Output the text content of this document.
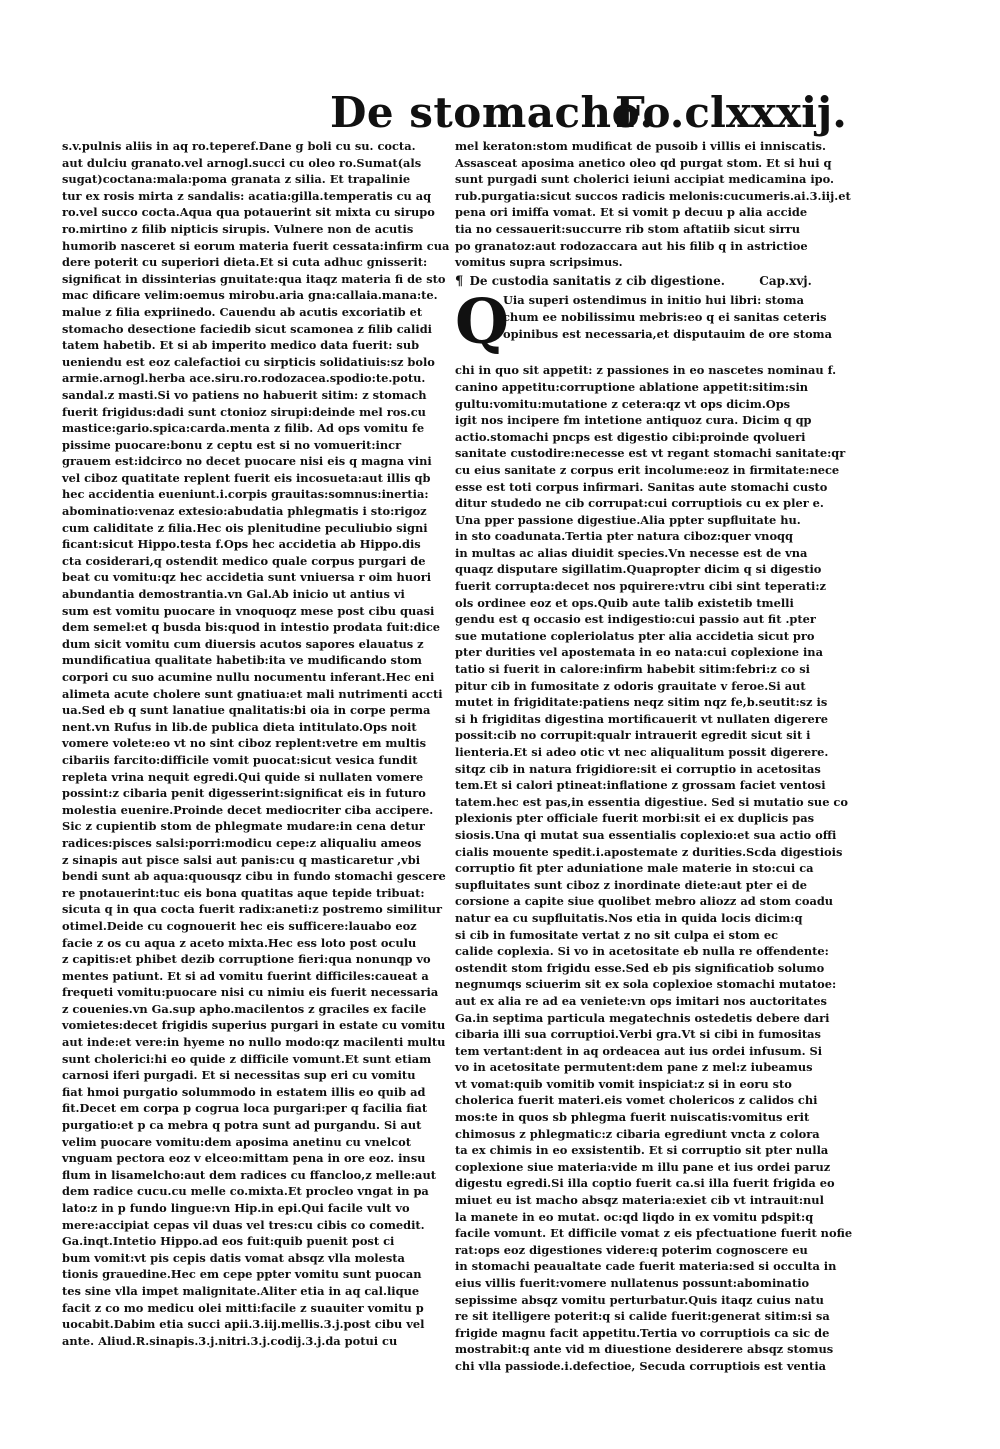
De stomacho.
Fo.clxxxij.
s.v.pulnis aliis in aq ro.teperef.Dane g boli cu su. cocta.
aut dulciu granato.vel arnogl.succi cu oleo ro.Sumat(als
sugat)coctana:mala:poma granata z silia. Et trapalinie
tur ex rosis mirta z sandalis: acatia:gilla.temperatis cu aq
ro.vel succo cocta.Aqua qua potauerint sit mixta cu sirupo
ro.mirtino z filib nipticis sirupis. Vulnere non de acutis
humorib nasceret si eorum materia fuerit cessata:infirm cua
dere poterit cu superiori dieta.Et si cuta adhuc gnisserit:
significat in dissinterias gnuitate:qua itaqz materia fi de sto
mac dificare velim:oemus mirobu.aria gna:callaia.mana:te.
malue z filia expriinedo. Cauendu ab acutis excoriatib et
stomacho desectione faciedib sicut scamonea z filib calidi
tatem habetib. Et si ab imperito medico data fuerit: sub
ueniendu est eoz calefactioi cu sirpticis solidatiuis:sz bolo
armie.arnogl.herba ace.siru.ro.rodozacea.spodio:te.potu.
sandal.z masti.Si vo patiens no habuerit sitim: z stomach
fuerit frigidus:dadi sunt ctonioz sirupi:deinde mel ros.cu
mastice:gario.spica:carda.menta z filib. Ad ops vomitu fe
pissime puocare:bonu z ceptu est si no vomuerit:incr
grauem est:idcirco no decet puocare nisi eis q magna vini
vel ciboz quatitate replent fuerit eis incosueta:aut illis qb
hec accidentia eueniunt.i.corpis grauitas:somnus:inertia:
abominatio:venaz extesio:abudatia phlegmatis i sto:rigoz
cum caliditate z filia.Hec ois plenitudine peculiubio signi
ficant:sicut Hippo.testa f.Ops hec accidetia ab Hippo.dis
cta cosiderari,q ostendit medico quale corpus purgari de
beat cu vomitu:qz hec accidetia sunt vniuersa r oim huori
abundantia demostrantia.vn Gal.Ab inicio ut antius vi
sum est vomitu puocare in vnoquoqz mese post cibu quasi
dem semel:et q busda bis:quod in intestio prodata fuit:dice
dum sicit vomitu cum diuersis acutos sapores elauatus z
mundificatiua qualitate habetib:ita ve mudificando stom
corpori cu suo acumine nullu nocumentu inferant.Hec eni
alimeta acute cholere sunt gnatiua:et mali nutrimenti accti
ua.Sed eb q sunt lanatiue qnalitatis:bi oia in corpe perma
nent.vn Rufus in lib.de publica dieta intitulato.Ops noit
vomere volete:eo vt no sint ciboz replent:vetre em multis
cibariis farcito:difficile vomit puocat:sicut vesica fundit
repleta vrina nequit egredi.Qui quide si nullaten vomere
possint:z cibaria penit digesserint:significat eis in futuro
molestia euenire.Proinde decet mediocriter ciba accipere.
Sic z cupientib stom de phlegmate mudare:in cena detur
radices:pisces salsi:porri:modicu cepe:z aliqualiu ameos
z sinapis aut pisce salsi aut panis:cu q masticaretur ,vbi
bendi sunt ab aqua:quousqz cibu in fundo stomachi gescere
re pnotauerint:tuc eis bona quatitas aque tepide tribuat:
sicuta q in qua cocta fuerit radix:aneti:z postremo similitur
otimel.Deide cu cognouerit hec eis sufficere:lauabo eoz
facie z os cu aqua z aceto mixta.Hec ess loto post oculu
z capitis:et phibet dezib corruptione fieri:qua nonunqp vo
mentes patiunt. Et si ad vomitu fuerint difficiles:caueat a
frequeti vomitu:puocare nisi cu nimiu eis fuerit necessaria
z couenies.vn Ga.sup apho.macilentos z graciles ex facile
vomietes:decet frigidis superius purgari in estate cu vomitu
aut inde:et vere:in hyeme no nullo modo:qz macilenti multu
sunt cholerici:hi eo quide z difficile vomunt.Et sunt etiam
carnosi iferi purgadi. Et si necessitas sup eri cu vomitu
fiat hmoi purgatio solummodo in estatem illis eo quib ad
fit.Decet em corpa p cogrua loca purgari:per q facilia fiat
purgatio:et p ca mebra q potra sunt ad purgandu. Si aut
velim puocare vomitu:dem aposima anetinu cu vnelcot
vnguam pectora eoz v elceo:mittam pena in ore eoz. insu
flum in lisamelcho:aut dem radices cu ffancloo,z melle:aut
dem radice cucu.cu melle co.mixta.Et procleo vngat in pa
lato:z in p fundo lingue:vn Hip.in epi.Qui facile vult vo
mere:accipiat cepas vil duas vel tres:cu cibis co comedit.
Ga.inqt.Intetio Hippo.ad eos fuit:quib puenit post ci
bum vomit:vt pis cepis datis vomat absqz vlla molesta
tionis grauedine.Hec em cepe ppter vomitu sunt puocan
tes sine vlla impet malignitate.Aliter etia in aq cal.lique
facit z co mo medicu olei mitti:facile z suauiter vomitu p
uocabit.Dabim etia succi apii.3.iij.mellis.3.j.post cibu vel
ante. Aliud.R.sinapis.3.j.nitri.3.j.codij.3.j.da potui cu
mel keraton:stom mudificat de pusoib i villis ei inniscatis.
Assasceat aposima anetico oleo qd purgat stom. Et si hui q
sunt purgadi sunt cholerici ieiuni accipiat medicamina ipo.
rub.purgatia:sicut succos radicis melonis:cucumeris.ai.3.iij.et
pena ori imiffa vomat. Et si vomit p decuu p alia accide
tia no cessauerit:succurre rib stom aftatiib sicut sirru
po granatoz:aut rodozaccara aut his filib q in astrictioe
vomitus supra scripsimus.
¶ De custodia sanitatis z cib digestione.	Cap.xvj.
Q
Uia superi ostendimus in initio hui libri: stoma
chum ee nobilissimu mebris:eo q ei sanitas ceteris
opinibus est necessaria,et disputauim de ore stoma
chi in quo sit appetit: z passiones in eo nascetes nominau f.
canino appetitu:corruptione ablatione appetit:sitim:sin
gultu:vomitu:mutatione z cetera:qz vt ops dicim.Ops
igit nos incipere fm intetione antiquoz cura. Dicim q qp
actio.stomachi pncps est digestio cibi:proinde qvolueri
sanitate custodire:necesse est vt regant stomachi sanitate:qr
cu eius sanitate z corpus erit incolume:eoz in firmitate:nece
esse est toti corpus infirmari. Sanitas aute stomachi custo
ditur studedo ne cib corrupat:cui corruptiois cu ex pler e.
Una pper passione digestiue.Alia ppter supfluitate hu.
in sto coadunata.Tertia pter natura ciboz:quer vnoqq
in multas ac alias diuidit species.Vn necesse est de vna
quaqz disputare sigillatim.Quapropter dicim q si digestio
fuerit corrupta:decet nos pquirere:vtru cibi sint teperati:z
ols ordinee eoz et ops.Quib aute talib existetib tmelli
gendu est q occasio est indigestio:cui passio aut fit .pter
sue mutatione copleriolatus pter alia accidetia sicut pro
pter durities vel apostemata in eo nata:cui coplexione ina
tatio si fuerit in calore:infirm habebit sitim:febri:z co si
pitur cib in fumositate z odoris grauitate v feroe.Si aut
mutet in frigiditate:patiens neqz sitim nqz fe,b.seutit:sz is
si h frigiditas digestina mortificauerit vt nullaten digerere
possit:cib no corrupit:qualr intrauerit egredit sicut sit i
lienteria.Et si adeo otic vt nec aliqualitum possit digerere.
sitqz cib in natura frigidiore:sit ei corruptio in acetositas
tem.Et si calori ptineat:inflatione z grossam faciet ventosi
tatem.hec est pas,in essentia digestiue. Sed si mutatio sue co
plexionis pter officiale fuerit morbi:sit ei ex duplicis pas
siosis.Una qi mutat sua essentialis coplexio:et sua actio offi
cialis mouente spedit.i.apostemate z durities.Scda digestiois
corruptio fit pter aduniatione male materie in sto:cui ca
supfluitates sunt ciboz z inordinate diete:aut pter ei de
corsione a capite siue quolibet mebro aliozz ad stom coadu
natur ea cu supfluitatis.Nos etia in quida locis dicim:q
si cib in fumositate vertat z no sit culpa ei stom ec
calide coplexia. Si vo in acetositate eb nulla re offendente:
ostendit stom frigidu esse.Sed eb pis significatiob solumo
negnumqs sciuerim sit ex sola coplexioe stomachi mutatoe:
aut ex alia re ad ea veniete:vn ops imitari nos auctoritates
Ga.in septima particula megatechnis ostedetis debere dari
cibaria illi sua corruptioi.Verbi gra.Vt si cibi in fumositas
tem vertant:dent in aq ordeacea aut ius ordei infusum. Si
vo in acetositate permutent:dem pane z mel:z iubeamus
vt vomat:quib vomitib vomit inspiciat:z si in eoru sto
cholerica fuerit materi.eis vomet cholericos z calidos chi
mos:te in quos sb phlegma fuerit nuiscatis:vomitus erit
chimosus z phlegmatic:z cibaria egrediunt vncta z colora
ta ex chimis in eo exsistentib. Et si corruptio sit pter nulla
coplexione siue materia:vide m illu pane et ius ordei paruz
digestu egredi.Si illa coptio fuerit ca.si illa fuerit frigida eo
miuet eu ist macho absqz materia:exiet cib vt intrauit:nul
la manete in eo mutat. oc:qd liqdo in ex vomitu pdspit:q
facile vomunt. Et difficile vomat z eis pfectuatione fuerit nofie
rat:ops eoz digestiones videre:q poterim cognoscere eu
in stomachi peaualtate cade fuerit materia:sed si occulta in
eius villis fuerit:vomere nullatenus possunt:abominatio
sepissime absqz vomitu perturbatur.Quis itaqz cuius natu
re sit itelligere poterit:q si calide fuerit:generat sitim:si sa
frigide magnu facit appetitu.Tertia vo corruptiois ca sic de
mostrabit:q ante vid m diuestione desiderere absqz stomus
chi vlla passiode.i.defectioe, Secuda corruptiois est ventia
